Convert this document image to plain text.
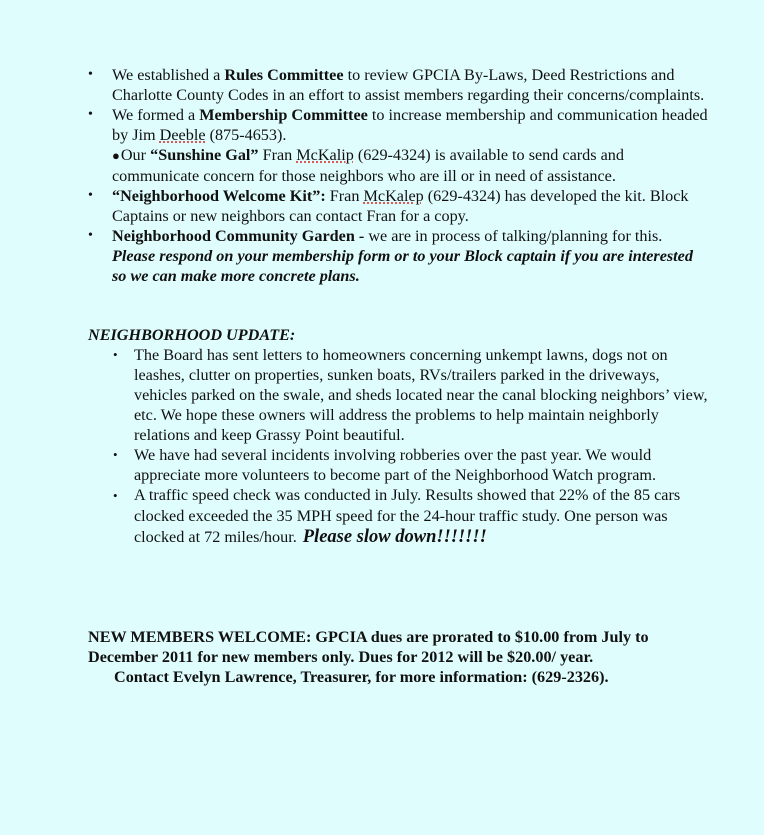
•	We established a Rules Committee to review GPCIA By-Laws, Deed Restrictions and Charlotte County Codes in an effort to assist members regarding their concerns/complaints.
•	We formed a Membership Committee to increase membership and communication headed by Jim Deeble (875-4653).
●Our “Sunshine Gal” Fran McKalip (629-4324) is available to send cards and communicate concern for those neighbors who are ill or in need of assistance.
•	“Neighborhood Welcome Kit”: Fran McKalep (629-4324) has developed the kit. Block Captains or new neighbors can contact Fran for a copy.
•	Neighborhood Community Garden - we are in process of talking/planning for this. Please respond on your membership form or to your Block captain if you are interested so we can make more concrete plans.
NEIGHBORHOOD UPDATE:
•	The Board has sent letters to homeowners concerning unkempt lawns, dogs not on leashes, clutter on properties, sunken boats, RVs/trailers parked in the driveways, vehicles parked on the swale, and sheds located near the canal blocking neighbors’ view, etc. We hope these owners will address the problems to help maintain neighborly relations and keep Grassy Point beautiful.
•	We have had several incidents involving robberies over the past year. We would appreciate more volunteers to become part of the Neighborhood Watch program.
•	A traffic speed check was conducted in July. Results showed that 22% of the 85 cars clocked exceeded the 35 MPH speed for the 24-hour traffic study. One person was clocked at 72 miles/hour. Please slow down!!!!!!!
NEW MEMBERS WELCOME: GPCIA dues are prorated to $10.00 from July to December 2011 for new members only. Dues for 2012 will be $20.00/ year.
Contact Evelyn Lawrence, Treasurer, for more information: (629-2326).
